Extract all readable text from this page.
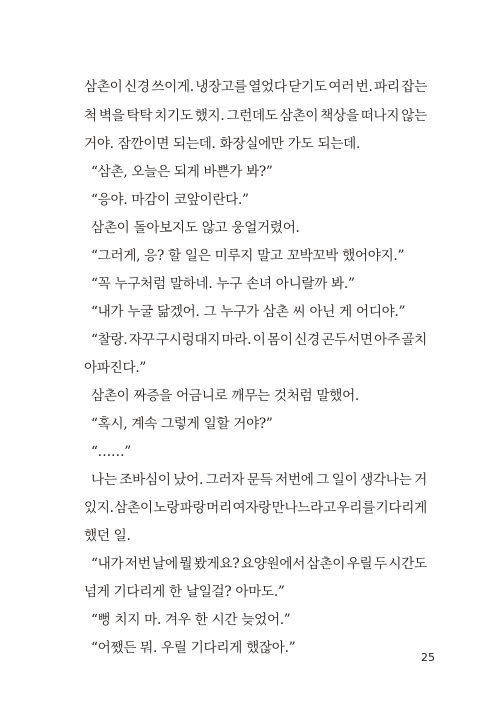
삼촌이 신경 쓰이게. 냉장고를 열었다 닫기도 여러 번. 파리 잡는
척 벽을 탁탁 치기도 했지. 그런데도 삼촌이 책상을 떠나지 않는
거야. 잠깐이면 되는데. 화장실에만 가도 되는데.
“삼촌, 오늘은 되게 바쁜가 봐?”
“응야. 마감이 코앞이란다.”
삼촌이 돌아보지도 않고 웅얼거렸어.
“그러게, 응? 할 일은 미루지 말고 꼬박꼬박 했어야지.”
“꼭 누구처럼 말하네. 누구 손녀 아니랄까 봐.”
“내가 누굴 닮겠어. 그 누구가 삼촌 씨 아닌 게 어디야.”
“찰랑. 자꾸 구시렁대지 마라. 이 몸이 신경 곤두서면 아주 골치
아파진다.”
삼촌이 짜증을 어금니로 깨무는 것처럼 말했어.
“혹시, 계속 그렇게 일할 거야?”
“……”
나는 조바심이 났어. 그러자 문득 저번에 그 일이 생각나는 거
있지. 삼촌이 노랑 파랑 머리 여자랑 만나느라고 우리를 기다리게
했던 일.
“내가 저번 날에 뭘 봤게요? 요양원에서 삼촌이 우릴 두 시간도
넘게 기다리게 한 날일걸? 아마도.”
“뻥 치지 마. 겨우 한 시간 늦었어.”
“어쨌든 뭐. 우릴 기다리게 했잖아.”
25
